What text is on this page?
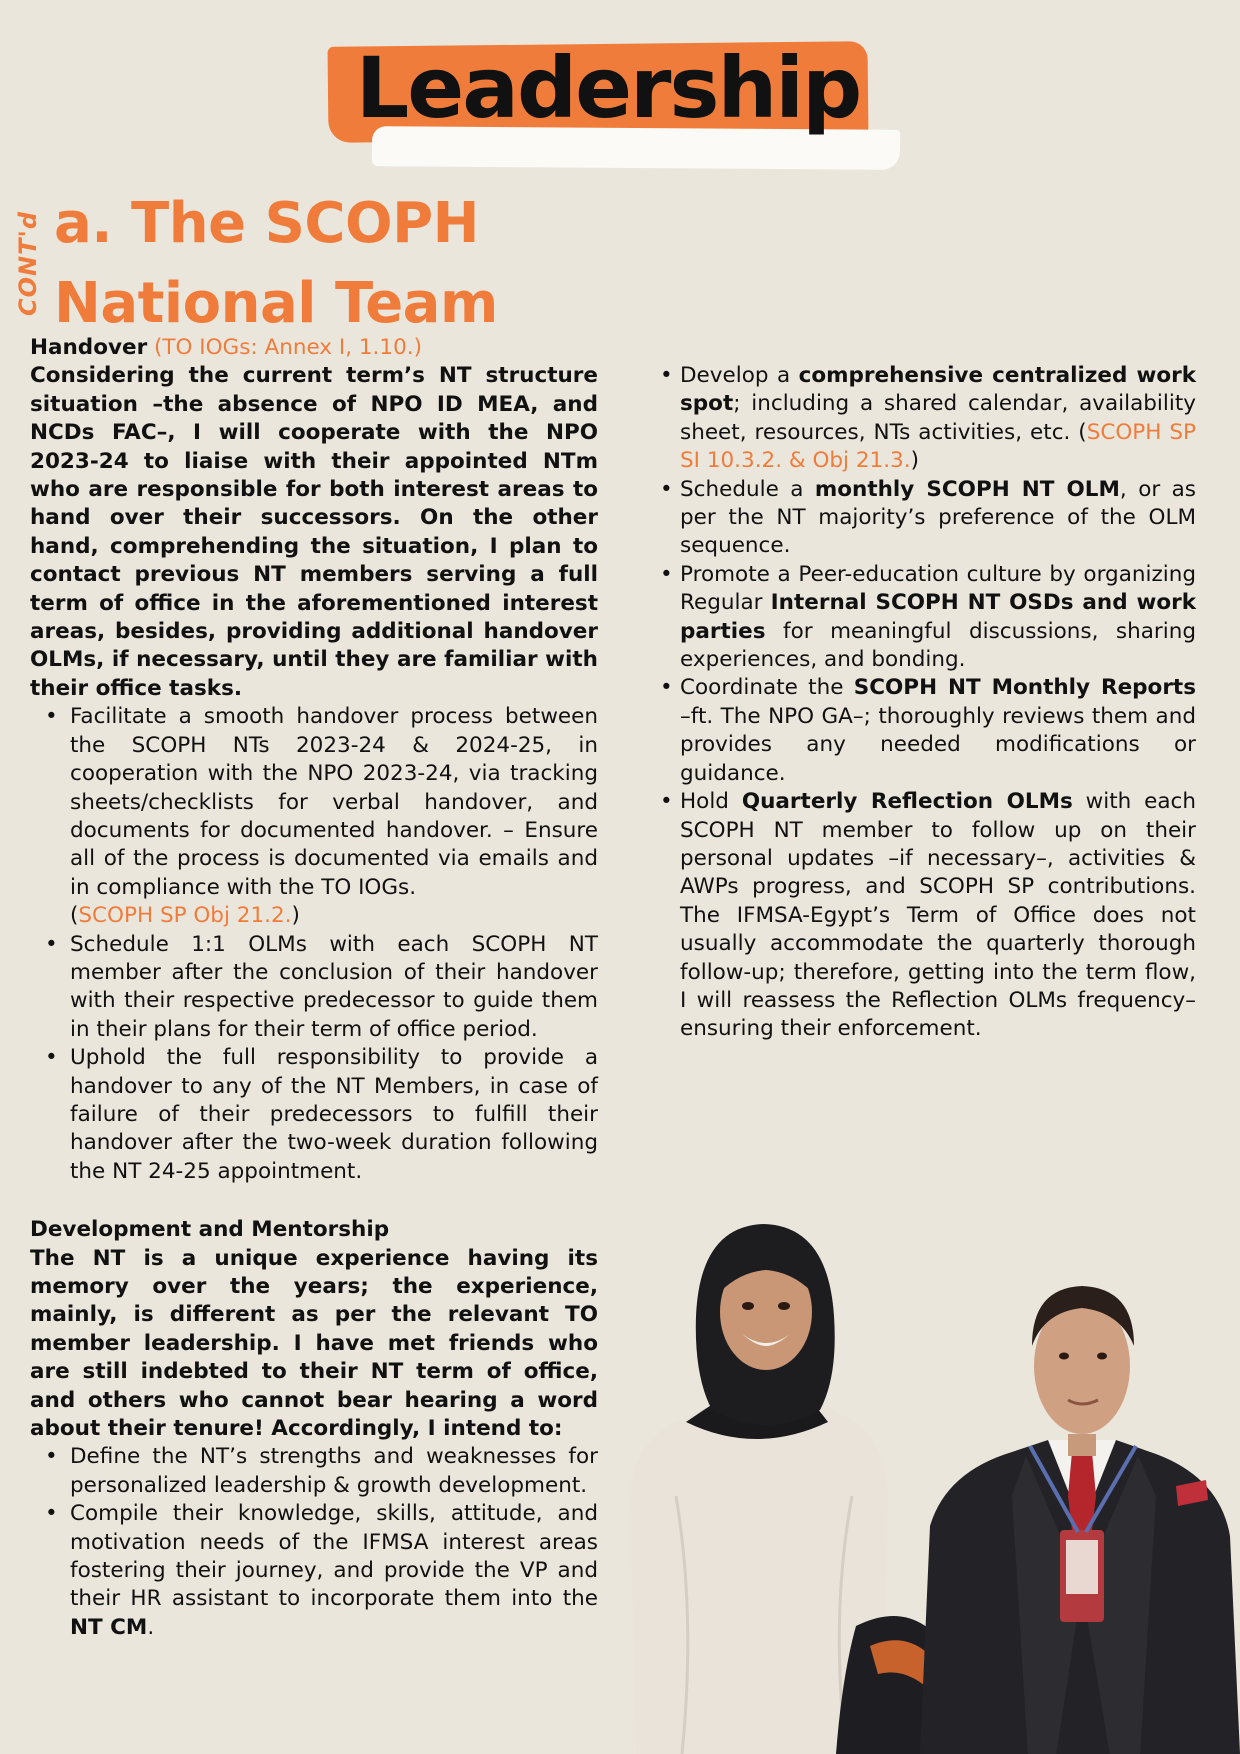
Leadership
CONT'd a. The SCOPH
National Team
Handover (TO IOGs: Annex I, 1.10.)

Considering the current term’s NT structure situation –the absence of NPO ID MEA, and NCDs FAC–, I will cooperate with the NPO 2023-24 to liaise with their appointed NTm who are responsible for both interest areas to hand over their successors. On the other hand, comprehending the situation, I plan to contact previous NT members serving a full term of office in the aforementioned interest areas, besides, providing additional handover OLMs, if necessary, until they are familiar with their office tasks.

• Facilitate a smooth handover process between the SCOPH NTs 2023-24 & 2024-25, in cooperation with the NPO 2023-24, via tracking sheets/checklists for verbal handover, and documents for documented handover. – Ensure all of the process is documented via emails and in compliance with the TO IOGs.
(SCOPH SP Obj 21.2.)
• Schedule 1:1 OLMs with each SCOPH NT member after the conclusion of their handover with their respective predecessor to guide them in their plans for their term of office period.
• Uphold the full responsibility to provide a handover to any of the NT Members, in case of failure of their predecessors to fulfill their handover after the two-week duration following the NT 24-25 appointment.
Development and Mentorship

The NT is a unique experience having its memory over the years; the experience, mainly, is different as per the relevant TO member leadership. I have met friends who are still indebted to their NT term of office, and others who cannot bear hearing a word about their tenure! Accordingly, I intend to:

• Define the NT’s strengths and weaknesses for personalized leadership & growth development.
• Compile their knowledge, skills, attitude, and motivation needs of the IFMSA interest areas fostering their journey, and provide the VP and their HR assistant to incorporate them into the NT CM.
• Develop a comprehensive centralized work spot; including a shared calendar, availability sheet, resources, NTs activities, etc. (SCOPH SP SI 10.3.2. & Obj 21.3.)
• Schedule a monthly SCOPH NT OLM, or as per the NT majority’s preference of the OLM sequence.
• Promote a Peer-education culture by organizing Regular Internal SCOPH NT OSDs and work parties for meaningful discussions, sharing experiences, and bonding.
• Coordinate the SCOPH NT Monthly Reports –ft. The NPO GA–; thoroughly reviews them and provides any needed modifications or guidance.
• Hold Quarterly Reflection OLMs with each SCOPH NT member to follow up on their personal updates –if necessary–, activities & AWPs progress, and SCOPH SP contributions. The IFMSA-Egypt’s Term of Office does not usually accommodate the quarterly thorough follow-up; therefore, getting into the term flow, I will reassess the Reflection OLMs frequency–ensuring their enforcement.
